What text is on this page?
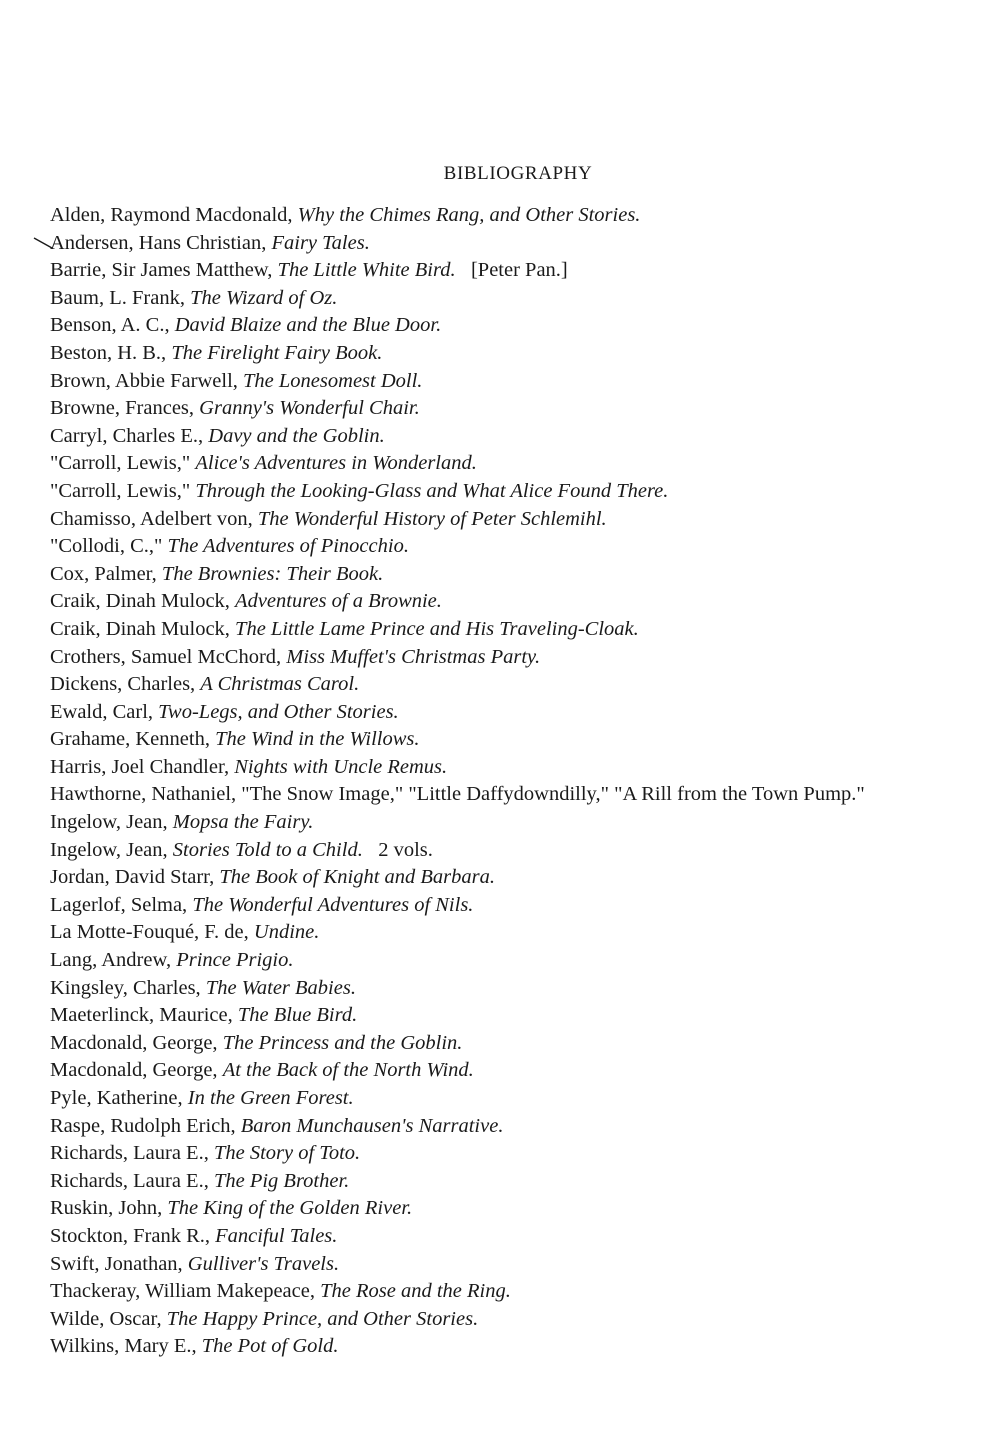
BIBLIOGRAPHY
Alden, Raymond Macdonald, Why the Chimes Rang, and Other Stories.
Andersen, Hans Christian, Fairy Tales.
Barrie, Sir James Matthew, The Little White Bird. [Peter Pan.]
Baum, L. Frank, The Wizard of Oz.
Benson, A. C., David Blaize and the Blue Door.
Beston, H. B., The Firelight Fairy Book.
Brown, Abbie Farwell, The Lonesomest Doll.
Browne, Frances, Granny's Wonderful Chair.
Carryl, Charles E., Davy and the Goblin.
"Carroll, Lewis," Alice's Adventures in Wonderland.
"Carroll, Lewis," Through the Looking-Glass and What Alice Found There.
Chamisso, Adelbert von, The Wonderful History of Peter Schlemihl.
"Collodi, C.," The Adventures of Pinocchio.
Cox, Palmer, The Brownies: Their Book.
Craik, Dinah Mulock, Adventures of a Brownie.
Craik, Dinah Mulock, The Little Lame Prince and His Traveling-Cloak.
Crothers, Samuel McChord, Miss Muffet's Christmas Party.
Dickens, Charles, A Christmas Carol.
Ewald, Carl, Two-Legs, and Other Stories.
Grahame, Kenneth, The Wind in the Willows.
Harris, Joel Chandler, Nights with Uncle Remus.
Hawthorne, Nathaniel, "The Snow Image," "Little Daffydowndilly," "A Rill from the Town Pump."
Ingelow, Jean, Mopsa the Fairy.
Ingelow, Jean, Stories Told to a Child. 2 vols.
Jordan, David Starr, The Book of Knight and Barbara.
Lagerlof, Selma, The Wonderful Adventures of Nils.
La Motte-Fouqué, F. de, Undine.
Lang, Andrew, Prince Prigio.
Kingsley, Charles, The Water Babies.
Maeterlinck, Maurice, The Blue Bird.
Macdonald, George, The Princess and the Goblin.
Macdonald, George, At the Back of the North Wind.
Pyle, Katherine, In the Green Forest.
Raspe, Rudolph Erich, Baron Munchausen's Narrative.
Richards, Laura E., The Story of Toto.
Richards, Laura E., The Pig Brother.
Ruskin, John, The King of the Golden River.
Stockton, Frank R., Fanciful Tales.
Swift, Jonathan, Gulliver's Travels.
Thackeray, William Makepeace, The Rose and the Ring.
Wilde, Oscar, The Happy Prince, and Other Stories.
Wilkins, Mary E., The Pot of Gold.
